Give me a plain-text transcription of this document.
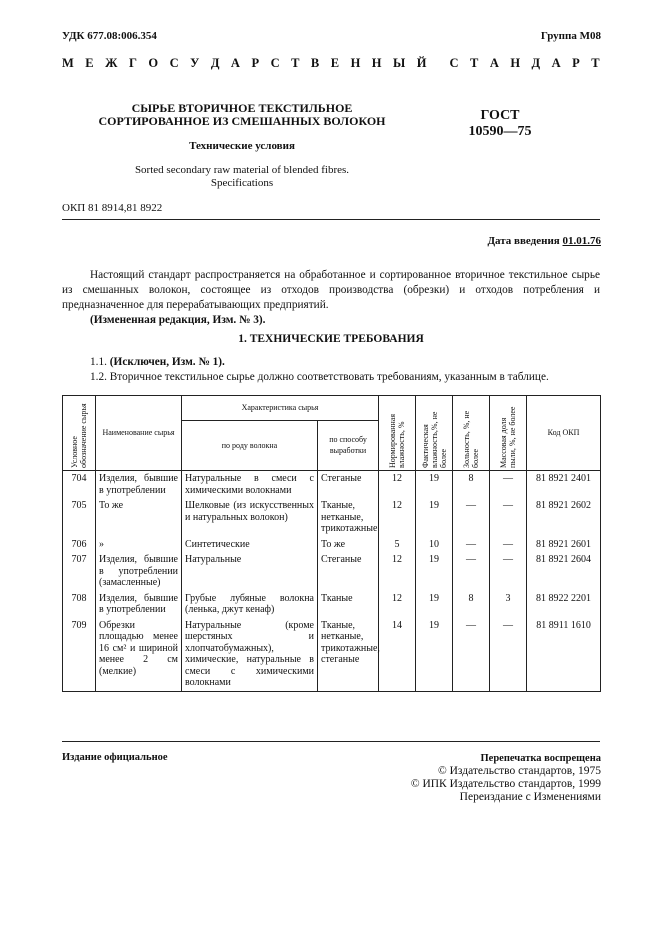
УДК 677.08:006.354	Группа М08
М Е Ж Г О С У Д А Р С Т В Е Н Н Ы Й С Т А Н Д А Р Т
СЫРЬЕ ВТОРИЧНОЕ ТЕКСТИЛЬНОЕ
СОРТИРОВАННОЕ ИЗ СМЕШАННЫХ ВОЛОКОН
Технические условия
Sorted secondary raw material of blended fibres.
Specifications
ГОСТ
10590—75
ОКП 81 8914,81 8922
Дата введения 01.01.76

Настоящий стандарт распространяется на обработанное и сортированное вторичное текстильное сырье из смешанных волокон, состоящее из отходов производства (обрезки) и отходов потребления и предназначенное для перерабатывающих предприятий.

(Измененная редакция, Изм. № 3).

1. ТЕХНИЧЕСКИЕ ТРЕБОВАНИЯ
1.1. (Исключен, Изм. № 1).
1.2. Вторичное текстильное сырье должно соответствовать требованиям, указанным в таблице.
Условное обозначение сырья	Наименование сырья	Характеристика сырья		Нормированная влажность, %	Фактическая влажность,%, не более	Зольность, %, не более	Массовая доля пыли, %, не более	Код ОКП
		по роду волокна	по способу выработки					
704	Изделия, бывшие в употреблении	Натуральные в смеси с химическими волокнами	Стеганые	12	19	8	—	81 8921 2401
705	То же	Шелковые (из искусственных и натуральных волокон)	Тканые, нетканые, трикотажные	12	19	—	—	81 8921 2602
706	»	Синтетические	То же	5	10	—	—	81 8921 2601
707	Изделия, бывшие в употреблении (замасленные)	Натуральные	Стеганые	12	19	—	—	81 8921 2604
708	Изделия, бывшие в употреблении	Грубые лубяные волокна (ленька, джут кенаф)	Тканые	12	19	8	3	81 8922 2201
709	Обрезки площадью менее 16 см² и шириной менее 2 см (мелкие)	Натуральные (кроме шерстяных и хлопчатобумажных), химические, натуральные в смеси с химическими волокнами	Тканые, нетканые, трикотажные, стеганые	14	19	—	—	81 8911 1610
Издание официальное	Перепечатка воспрещена
© Издательство стандартов, 1975
© ИПК Издательство стандартов, 1999
Переиздание с Изменениями
